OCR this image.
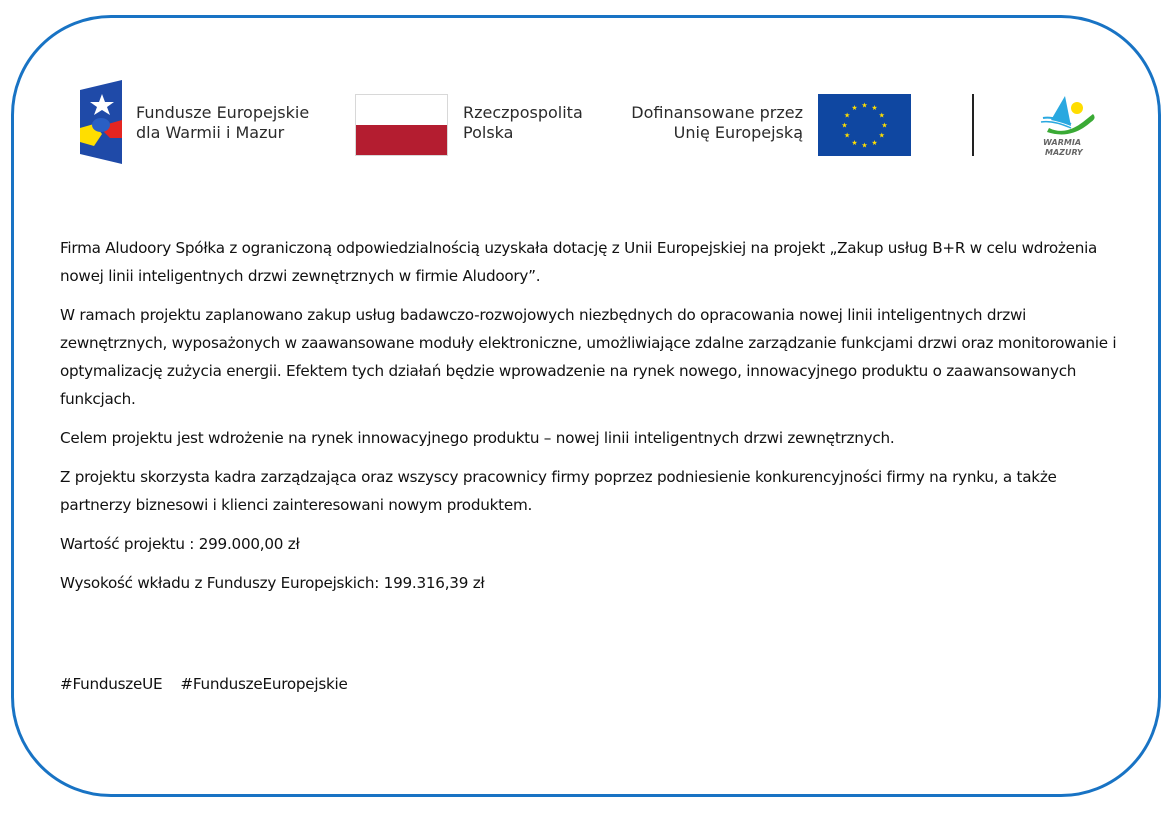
Fundusze Europejskie
dla Warmii i Mazur
Rzeczpospolita
Polska
Dofinansowane przez
Unię Europejską
★ ★
★
★
★
★
★
★
★
★
★
★
WARMIA
MAZURY

Firma Aludoory Spółka z ograniczoną odpowiedzialnością uzyskała dotację z Unii Europejskiej na projekt „Zakup usług B+R w celu wdrożenia nowej linii inteligentnych drzwi zewnętrznych w firmie Aludoory”.

W ramach projektu zaplanowano zakup usług badawczo-rozwojowych niezbędnych do opracowania nowej linii inteligentnych drzwi zewnętrznych, wyposażonych w zaawansowane moduły elektroniczne, umożliwiające zdalne zarządzanie funkcjami drzwi oraz monitorowanie i optymalizację zużycia energii. Efektem tych działań będzie wprowadzenie na rynek nowego, innowacyjnego produktu o zaawansowanych funkcjach.

Celem projektu jest wdrożenie na rynek innowacyjnego produktu – nowej linii inteligentnych drzwi zewnętrznych.

Z projektu skorzysta kadra zarządzająca oraz wszyscy pracownicy firmy poprzez podniesienie konkurencyjności firmy na rynku, a także partnerzy biznesowi i klienci zainteresowani nowym produktem.

Wartość projektu : 299.000,00 zł

Wysokość wkładu z Funduszy Europejskich: 199.316,39 zł

#FunduszeUE #FunduszeEuropejskie
